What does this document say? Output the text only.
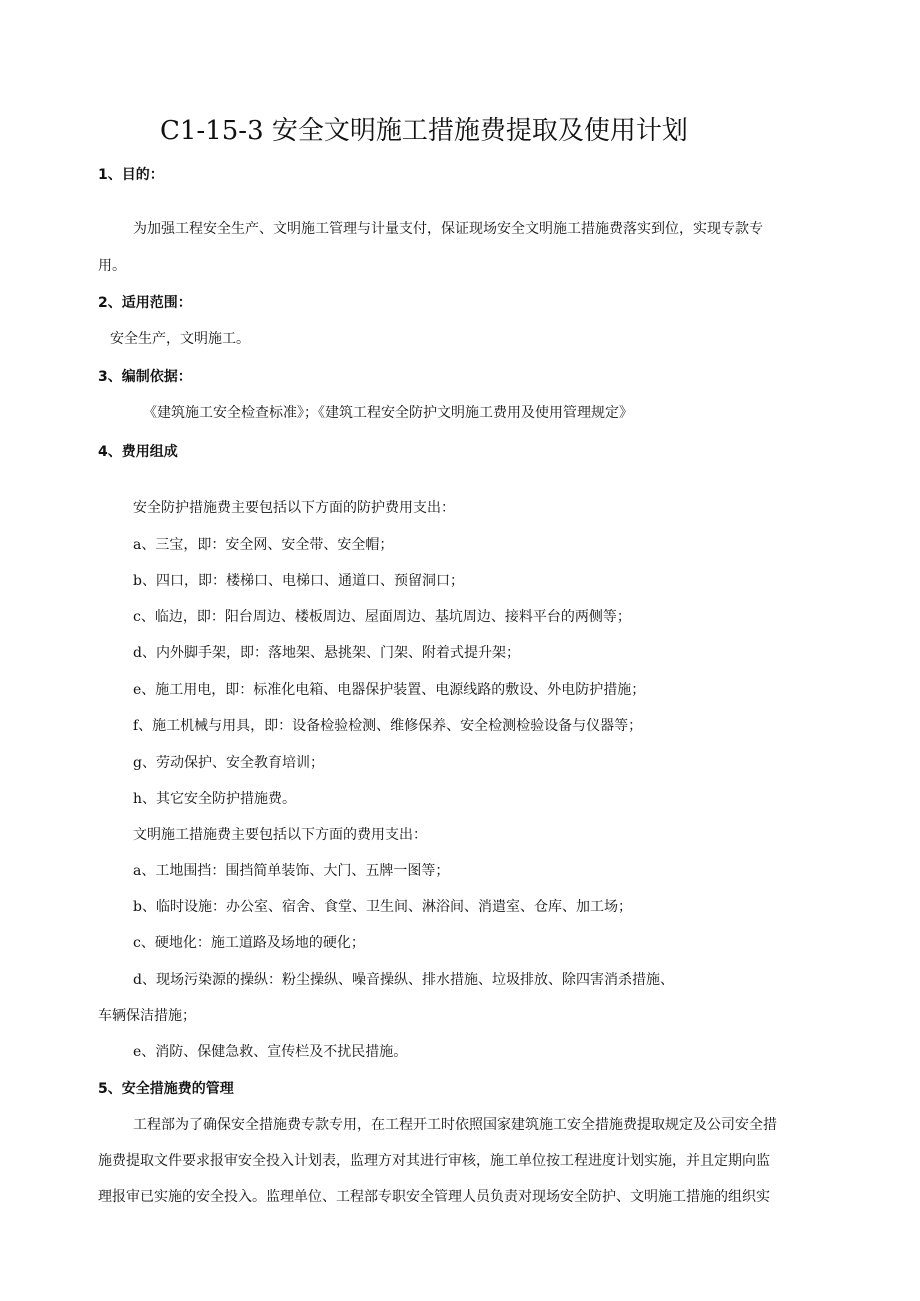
C1-15-3 安全文明施工措施费提取及使用计划
1、目的：
为加强工程安全生产、文明施工管理与计量支付，保证现场安全文明施工措施费落实到位，实现专款专
用。
2、适用范围：
安全生产，文明施工。
3、编制依据：
《建筑施工安全检查标准》；《建筑工程安全防护文明施工费用及使用管理规定》
4、费用组成
安全防护措施费主要包括以下方面的防护费用支出：
a、三宝，即：安全网、安全带、安全帽；
b、四口，即：楼梯口、电梯口、通道口、预留洞口；
c、临边，即：阳台周边、楼板周边、屋面周边、基坑周边、接料平台的两侧等；
d、内外脚手架，即：落地架、悬挑架、门架、附着式提升架；
e、施工用电，即：标准化电箱、电器保护装置、电源线路的敷设、外电防护措施；
f、施工机械与用具，即：设备检验检测、维修保养、安全检测检验设备与仪器等；
g、劳动保护、安全教育培训；
h、其它安全防护措施费。
文明施工措施费主要包括以下方面的费用支出：
a、工地围挡：围挡简单装饰、大门、五牌一图等；
b、临时设施：办公室、宿舍、食堂、卫生间、淋浴间、消遣室、仓库、加工场；
c、硬地化：施工道路及场地的硬化；
d、现场污染源的操纵：粉尘操纵、噪音操纵、排水措施、垃圾排放、除四害消杀措施、
车辆保洁措施；
e、消防、保健急救、宣传栏及不扰民措施。
5、安全措施费的管理
工程部为了确保安全措施费专款专用，在工程开工时依照国家建筑施工安全措施费提取规定及公司安全措
施费提取文件要求报审安全投入计划表，监理方对其进行审核，施工单位按工程进度计划实施，并且定期向监
理报审已实施的安全投入。监理单位、工程部专职安全管理人员负责对现场安全防护、文明施工措施的组织实
